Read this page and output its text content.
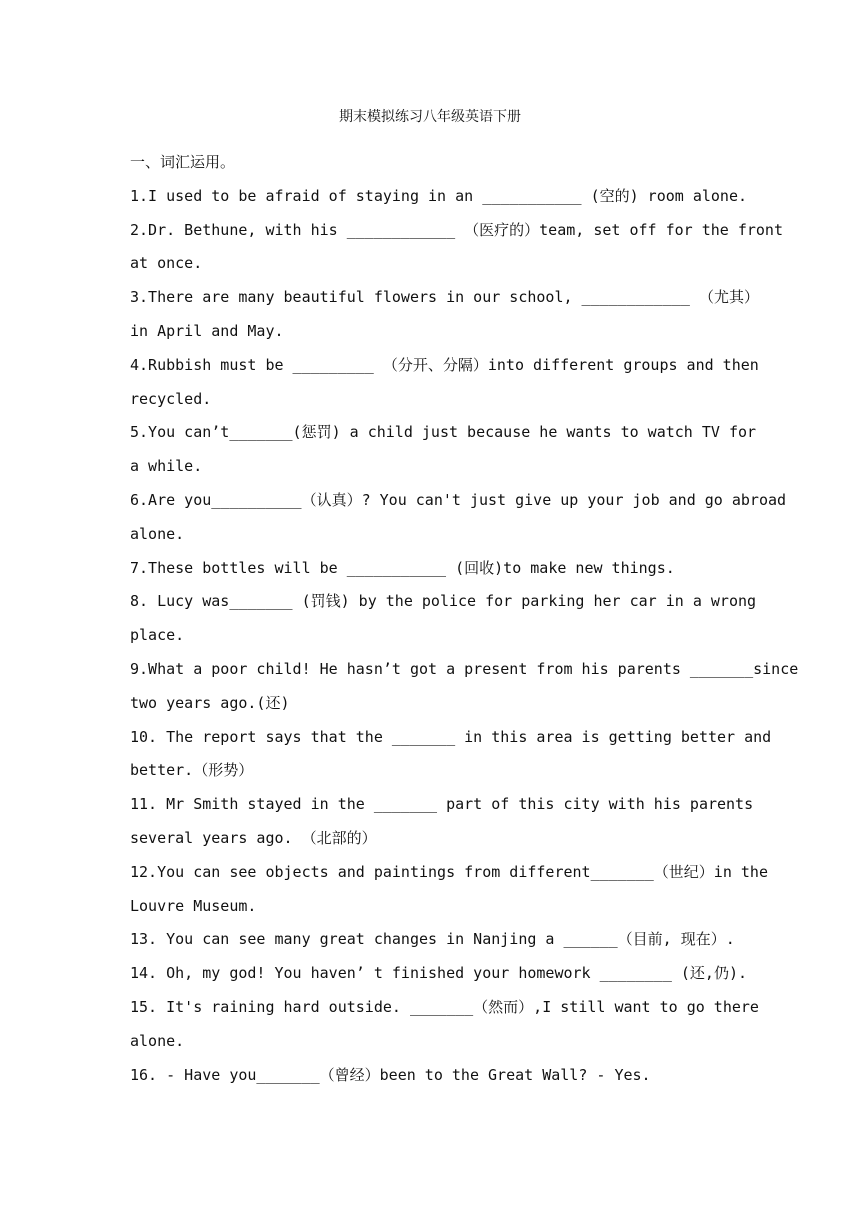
期末模拟练习八年级英语下册
一、词汇运用。
1.I used to be afraid of staying in an ___________ (空的) room alone.
2.Dr. Bethune, with his ____________ （医疗的）team, set off for the front
at once.
3.There are many beautiful flowers in our school, ____________ （尤其）
in April and May.
4.Rubbish must be _________ （分开、分隔）into different groups and then
recycled.
5.You can’t_______(惩罚) a child just because he wants to watch TV for
a while.
6.Are you__________（认真）? You can't just give up your job and go abroad
alone.
7.These bottles will be ___________ (回收)to make new things.
8. Lucy was_______ (罚钱) by the police for parking her car in a wrong
place.
9.What a poor child! He hasn’t got a present from his parents _______since
two years ago.(还)
10. The report says that the _______ in this area is getting better and
better.（形势）
11. Mr Smith stayed in the _______ part of this city with his parents
several years ago. （北部的）
12.You can see objects and paintings from different_______（世纪）in the
Louvre Museum.
13. You can see many great changes in Nanjing a ______（目前, 现在）.
14. Oh, my god! You haven’ t finished your homework ________ (还,仍).
15. It's raining hard outside. _______（然而）,I still want to go there
alone.
16. - Have you_______（曾经）been to the Great Wall? - Yes.
